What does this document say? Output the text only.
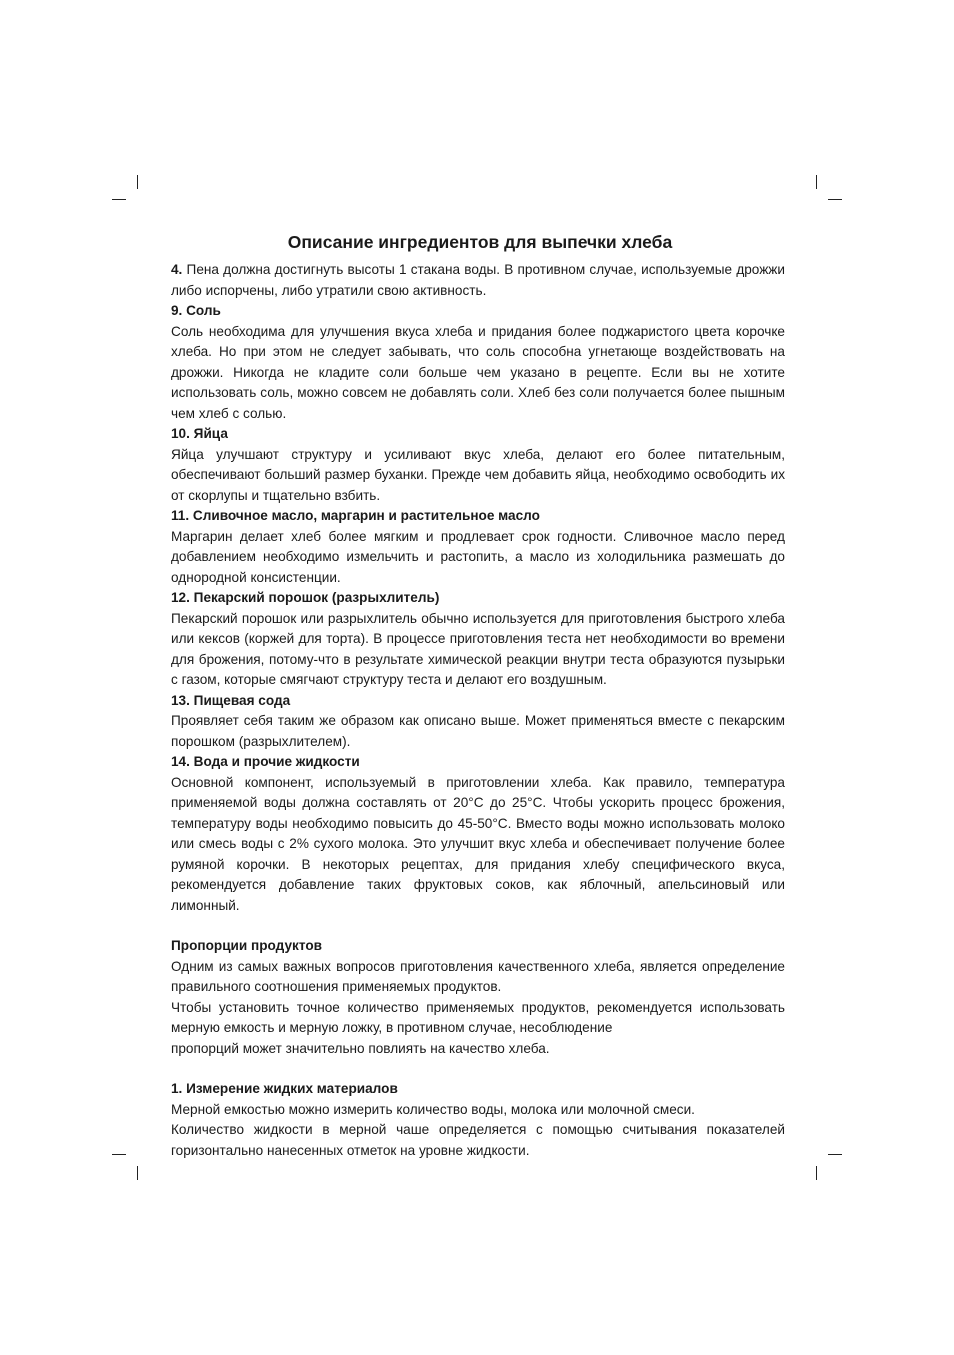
Описание ингредиентов для выпечки хлеба

4. Пена должна достигнуть высоты 1 стакана воды. В противном случае, используемые дрожжи либо испорчены, либо утратили свою активность.

9. Соль

Соль необходима для улучшения вкуса хлеба и придания более поджаристого цвета корочке хлеба. Но при этом не следует забывать, что соль способна угнетающе воздействовать на дрожжи. Никогда не кладите соли больше чем указано в рецепте. Если вы не хотите использовать соль, можно совсем не добавлять соли. Хлеб без соли получается более пышным чем хлеб с солью.

10. Яйца

Яйца улучшают структуру и усиливают вкус хлеба, делают его более питательным, обеспечивают больший размер буханки. Прежде чем добавить яйца, необходимо освободить их от скорлупы и тщательно взбить.

11. Сливочное масло, маргарин и растительное масло

Маргарин делает хлеб более мягким и продлевает срок годности. Сливочное масло перед добавлением необходимо измельчить и растопить, а масло из холодильника размешать до однородной консистенции.

12. Пекарский порошок (разрыхлитель)

Пекарский порошок или разрыхлитель обычно используется для приготовления быстрого хлеба или кексов (коржей для торта). В процессе приготовления теста нет необходимости во времени для брожения, потому-что в результате химической реакции внутри теста образуются пузырьки с газом, которые смягчают структуру теста и делают его воздушным.

13. Пищевая сода

Проявляет себя таким же образом как описано выше. Может применяться вместе с пекарским порошком (разрыхлителем).

14. Вода и прочие жидкости

Основной компонент, используемый в приготовлении хлеба. Как правило, температура применяемой воды должна составлять от 20°С до 25°С. Чтобы ускорить процесс брожения, температуру воды необходимо повысить до 45-50°С. Вместо воды можно использовать молоко или смесь воды с 2% сухого молока. Это улучшит вкус хлеба и обеспечивает получение более румяной корочки. В некоторых рецептах, для придания хлебу специфического вкуса, рекомендуется добавление таких фруктовых соков, как яблочный, апельсиновый или лимонный.

Пропорции продуктов

Одним из самых важных вопросов приготовления качественного хлеба, является определение правильного соотношения применяемых продуктов.

Чтобы установить точное количество применяемых продуктов, рекомендуется использовать мерную емкость и мерную ложку, в противном случае, несоблюдение

пропорций может значительно повлиять на качество хлеба.

1. Измерение жидких материалов

Мерной емкостью можно измерить количество воды, молока или молочной смеси.

Количество жидкости в мерной чаше определяется с помощью считывания показателей горизонтально нанесенных отметок на уровне жидкости.
